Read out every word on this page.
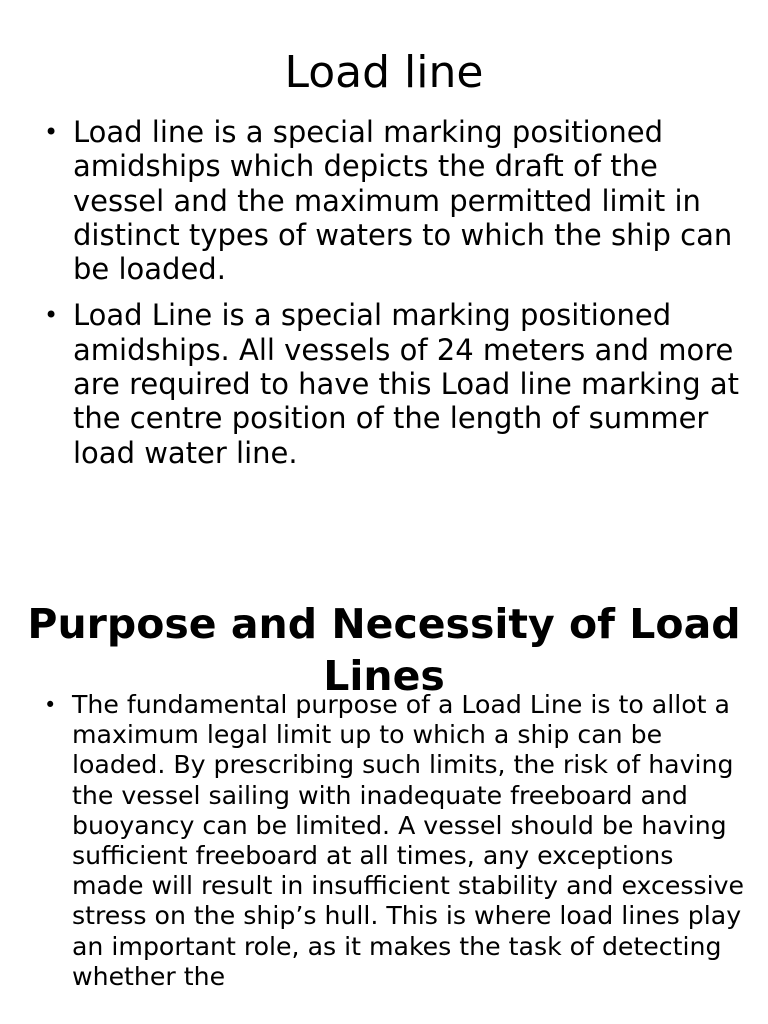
Load line
• Load line is a special marking positioned amidships which depicts the draft of the vessel and the maximum permitted limit in distinct types of waters to which the ship can be loaded.
• Load Line is a special marking positioned amidships. All vessels of 24 meters and more are required to have this Load line marking at the centre position of the length of summer load water line.
Purpose and Necessity of Load Lines
• The fundamental purpose of a Load Line is to allot a maximum legal limit up to which a ship can be loaded. By prescribing such limits, the risk of having the vessel sailing with inadequate freeboard and buoyancy can be limited. A vessel should be having sufficient freeboard at all times, any exceptions made will result in insufficient stability and excessive stress on the ship’s hull. This is where load lines play an important role, as it makes the task of detecting whether the
